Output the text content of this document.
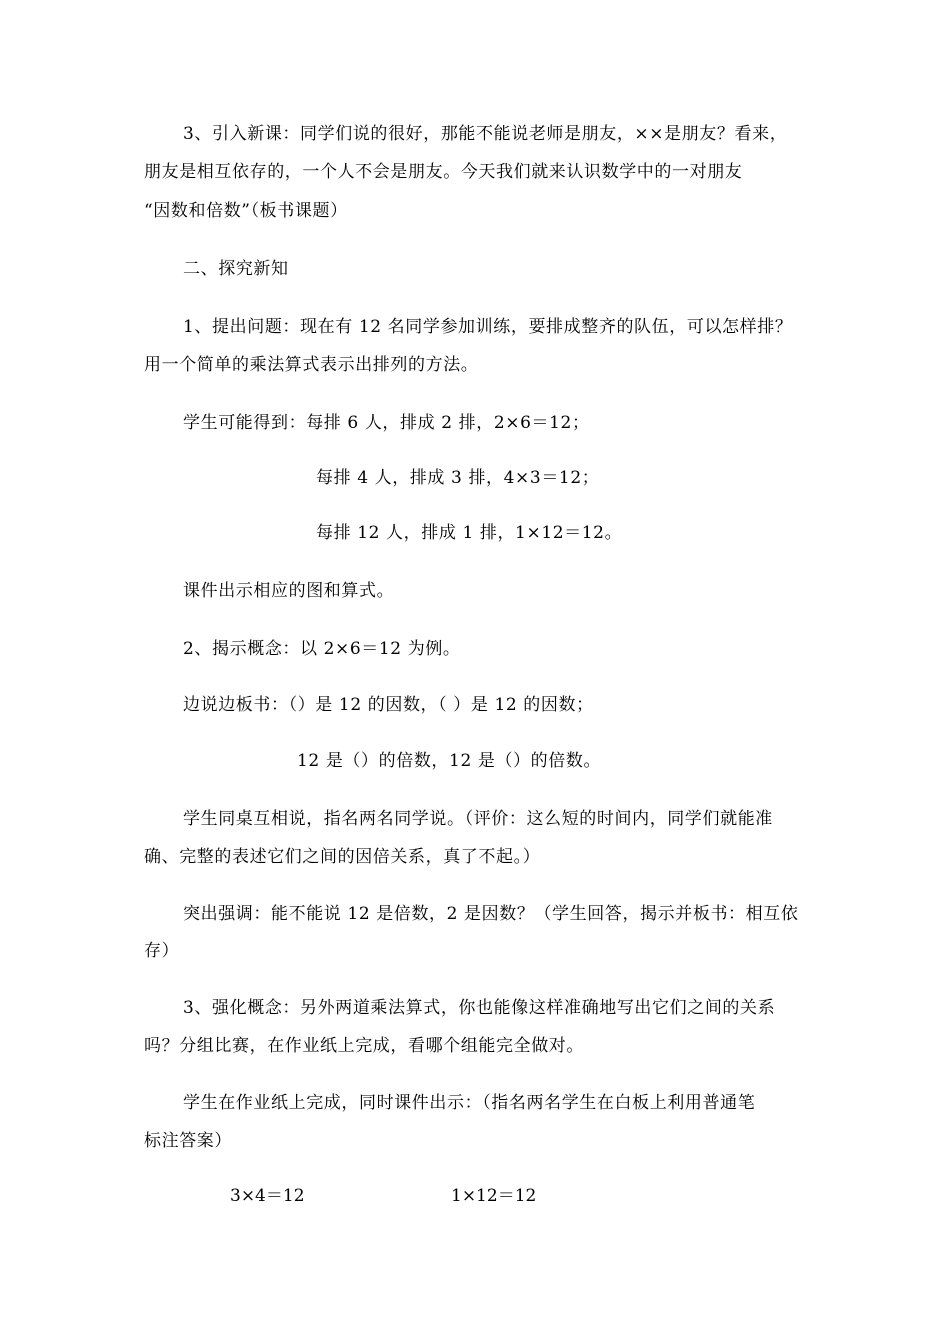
3、引入新课：同学们说的很好，那能不能说老师是朋友，××是朋友？看来，
朋友是相互依存的，一个人不会是朋友。今天我们就来认识数学中的一对朋友
“因数和倍数”（板书课题）
二、探究新知
1、提出问题：现在有 12 名同学参加训练，要排成整齐的队伍，可以怎样排？
用一个简单的乘法算式表示出排列的方法。
学生可能得到：每排 6 人，排成 2 排，2×6＝12；
每排 4 人，排成 3 排，4×3＝12；
每排 12 人，排成 1 排，1×12＝12。
课件出示相应的图和算式。
2、揭示概念：以 2×6＝12 为例。
边说边板书：（）是 12 的因数，（ ）是 12 的因数；
12 是（）的倍数，12 是（）的倍数。
学生同桌互相说，指名两名同学说。（评价：这么短的时间内，同学们就能准
确、完整的表述它们之间的因倍关系，真了不起。）
突出强调：能不能说 12 是倍数，2 是因数？（学生回答，揭示并板书：相互依
存）
3、强化概念：另外两道乘法算式，你也能像这样准确地写出它们之间的关系
吗？分组比赛，在作业纸上完成，看哪个组能完全做对。
学生在作业纸上完成，同时课件出示：（指名两名学生在白板上利用普通笔
标注答案）
3×4＝12	1×12＝12
